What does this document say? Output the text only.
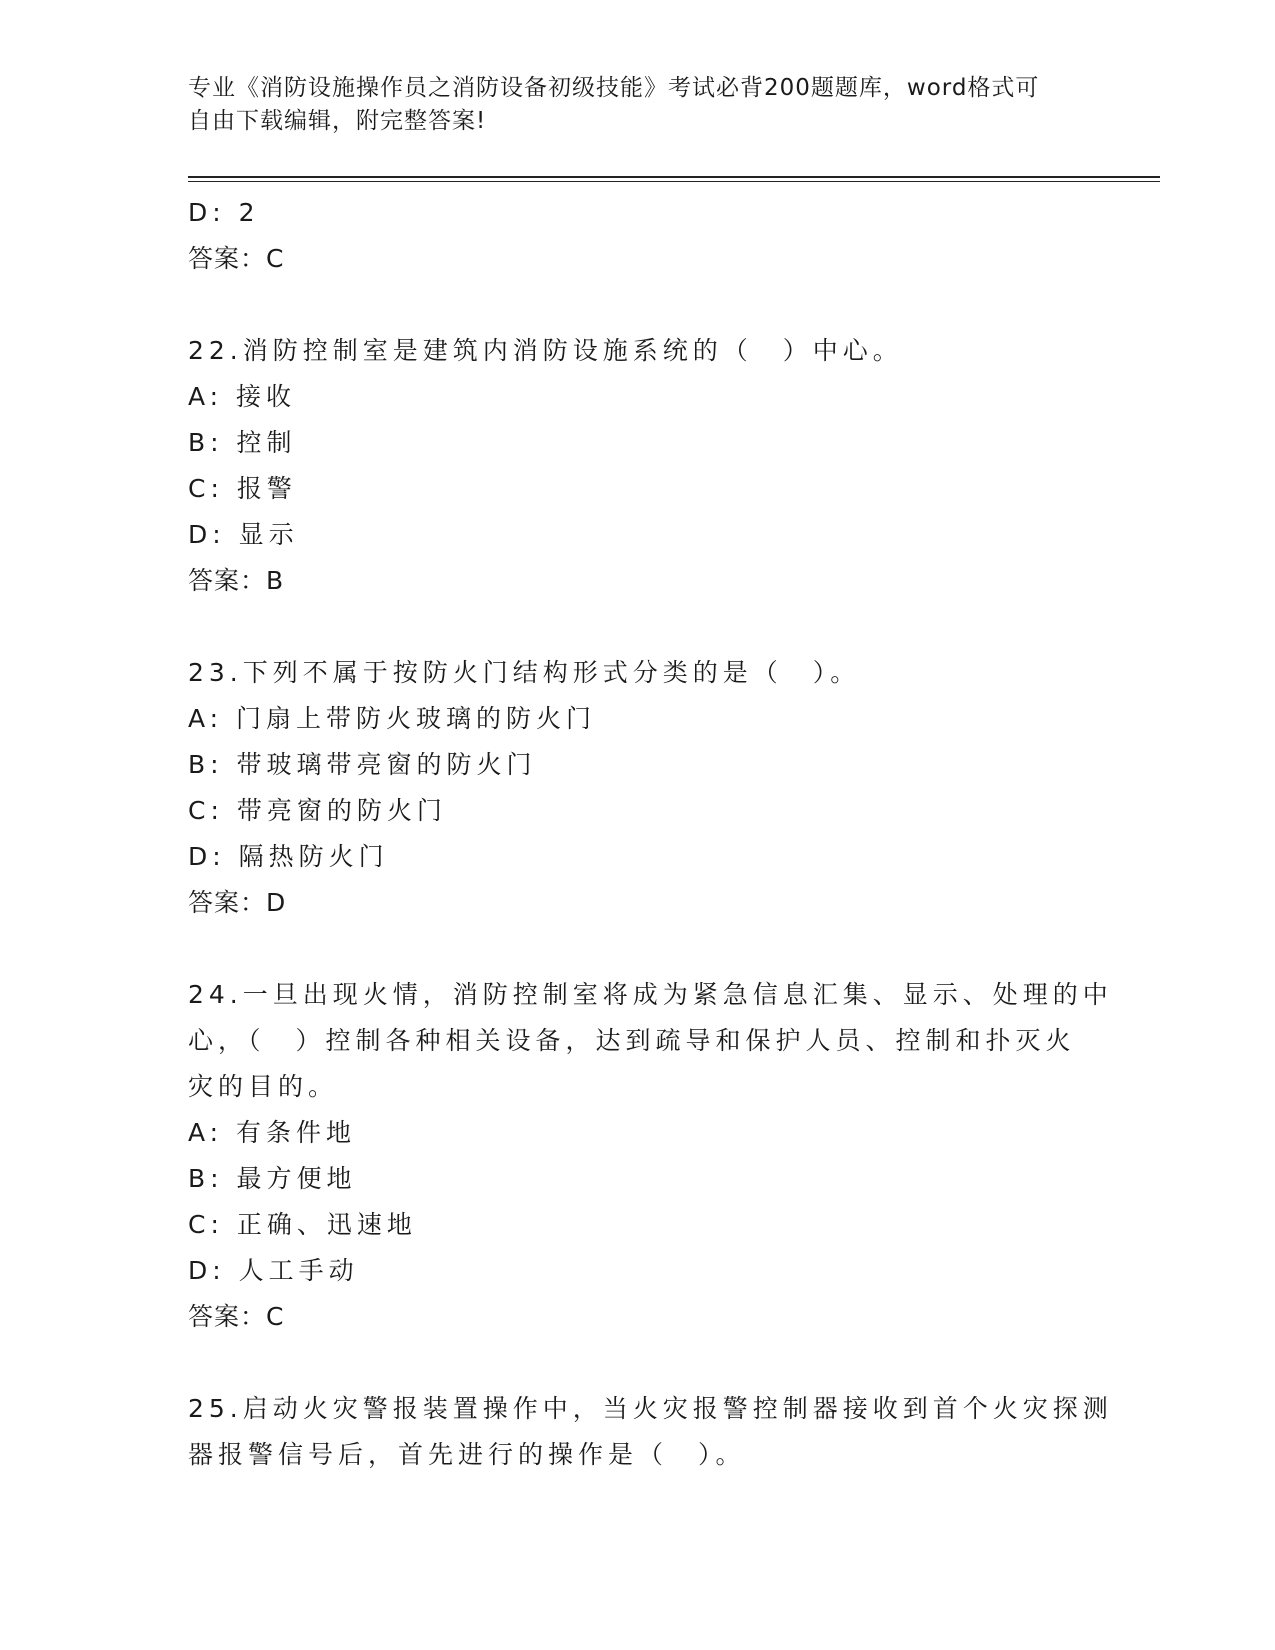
专业《消防设施操作员之消防设备初级技能》考试必背200题题库，word格式可
自由下载编辑，附完整答案!
D: 2
答案：C
22.消防控制室是建筑内消防设施系统的（　）中心。
A: 接收
B: 控制
C: 报警
D: 显示
答案：B
23.下列不属于按防火门结构形式分类的是（　）。
A: 门扇上带防火玻璃的防火门
B: 带玻璃带亮窗的防火门
C: 带亮窗的防火门
D: 隔热防火门
答案：D
24.一旦出现火情，消防控制室将成为紧急信息汇集、显示、处理的中
心，（　）控制各种相关设备，达到疏导和保护人员、控制和扑灭火
灾的目的。
A: 有条件地
B: 最方便地
C: 正确、迅速地
D: 人工手动
答案：C
25.启动火灾警报装置操作中，当火灾报警控制器接收到首个火灾探测
器报警信号后，首先进行的操作是（　）。
